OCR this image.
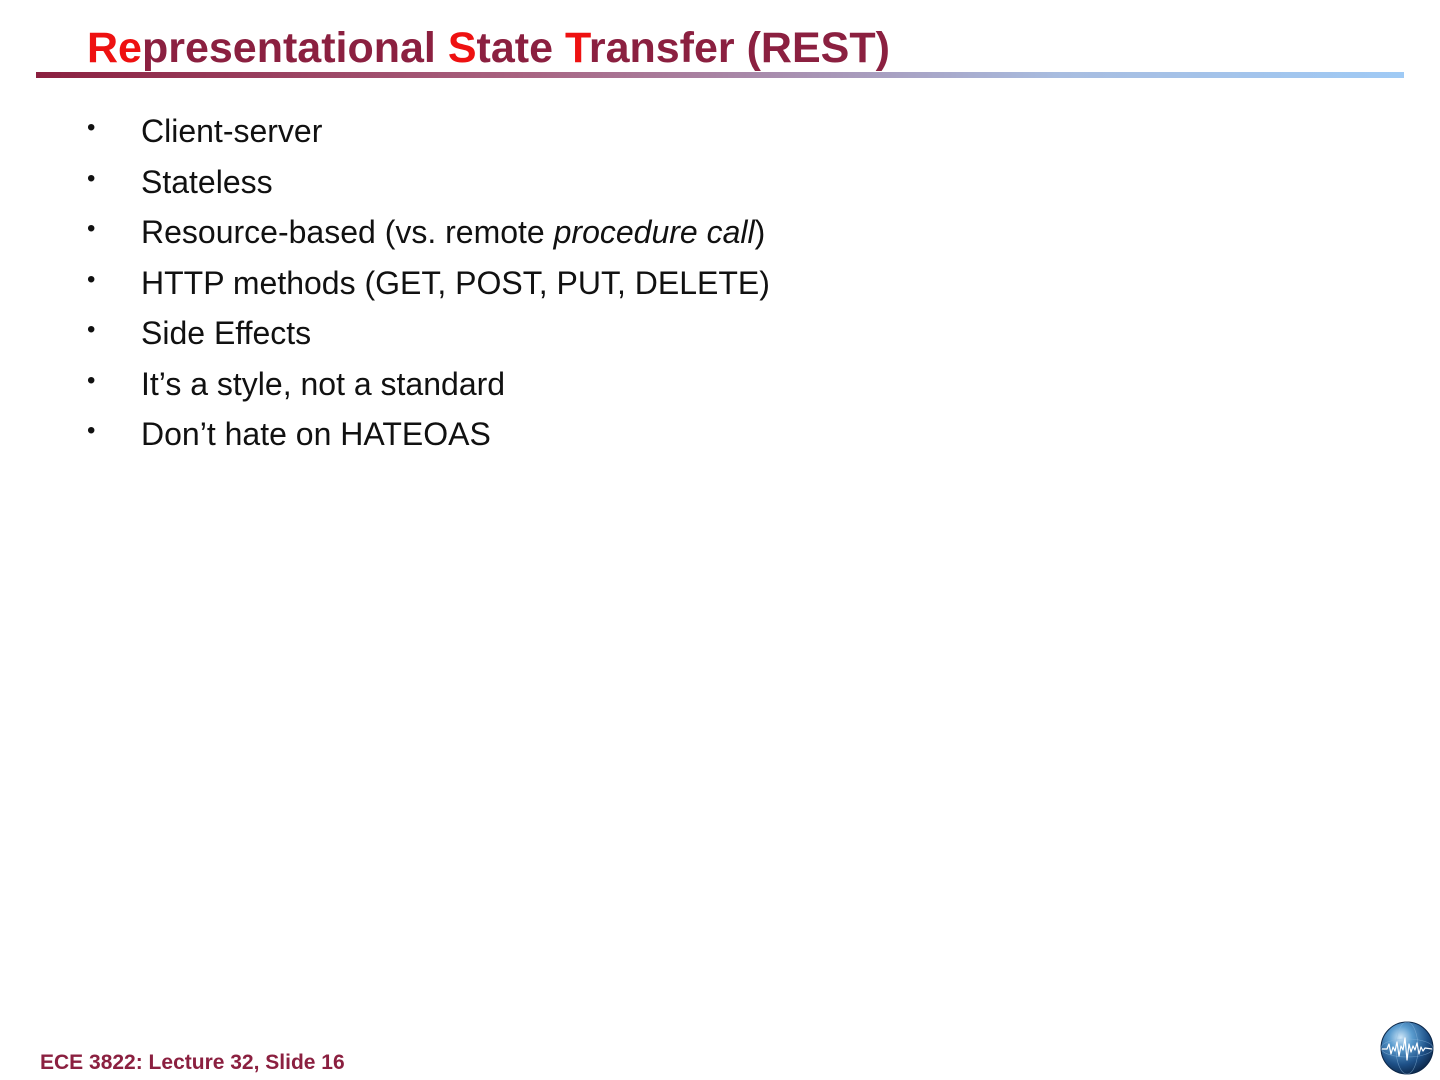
Representational State Transfer (REST)
• Client-server
• Stateless
• Resource-based (vs. remote procedure call)
• HTTP methods (GET, POST, PUT, DELETE)
• Side Effects
• It’s a style, not a standard
• Don’t hate on HATEOAS
ECE 3822: Lecture 32, Slide 16
